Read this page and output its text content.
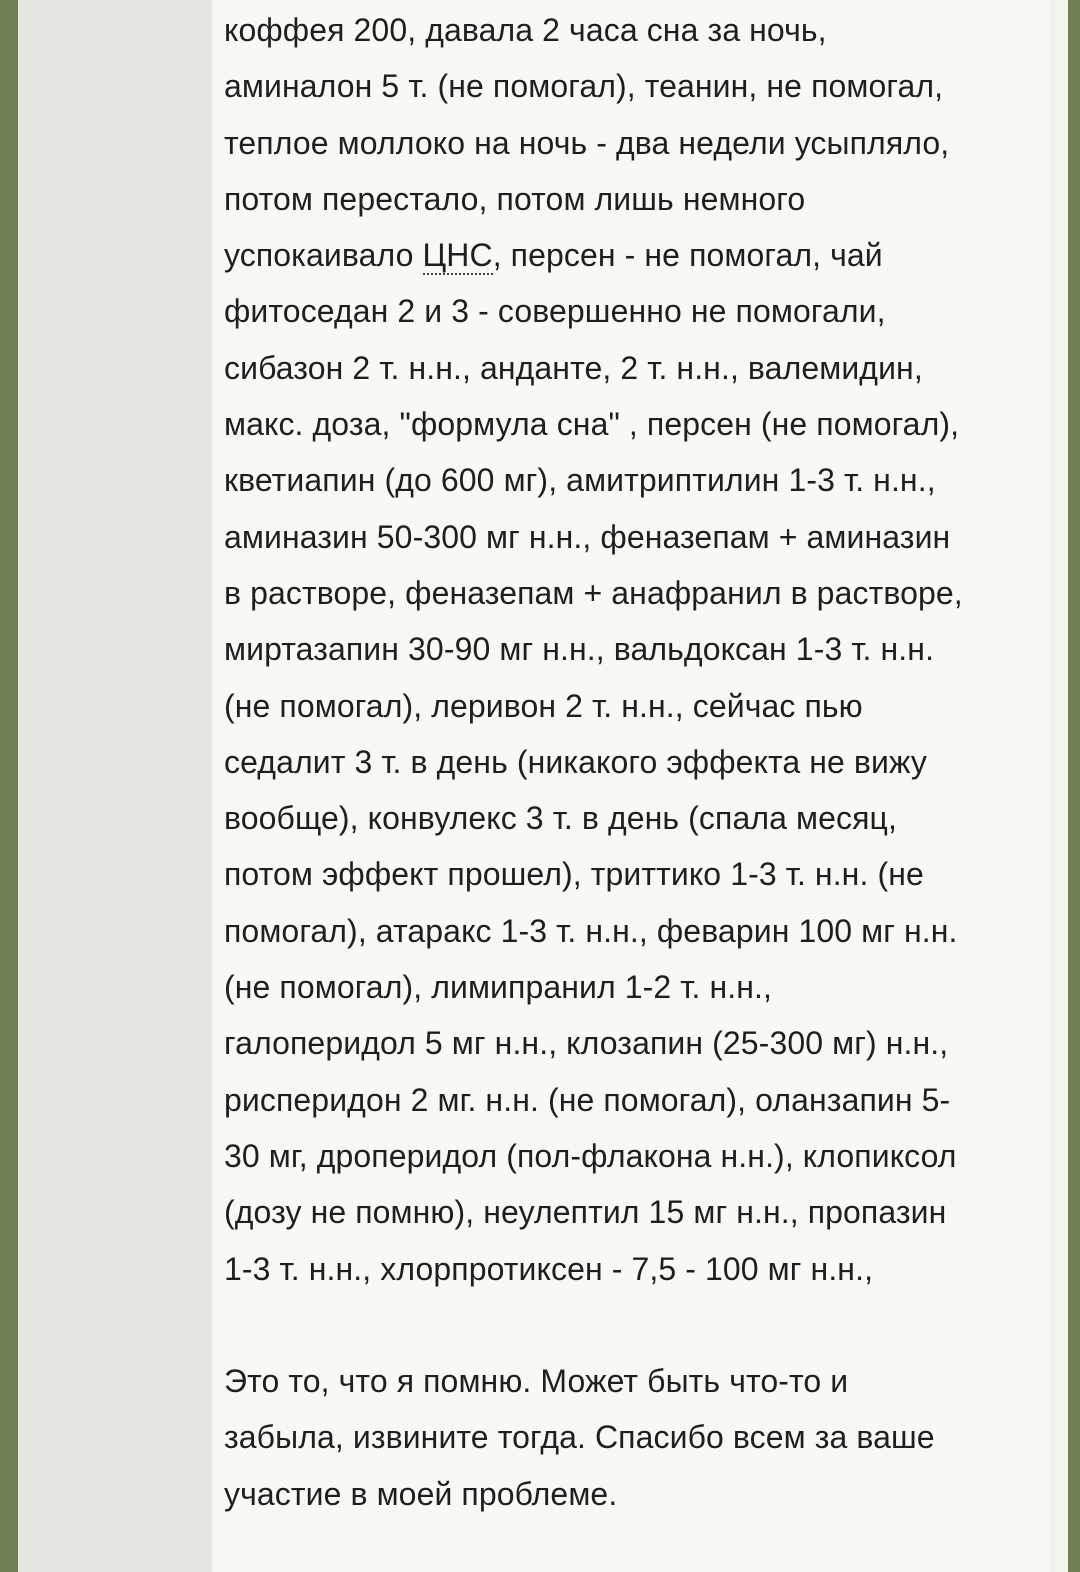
коффея 200, давала 2 часа сна за ночь,
аминалон 5 т. (не помогал), теанин, не помогал,
теплое моллоко на ночь - два недели усыпляло,
потом перестало, потом лишь немного
успокаивало ЦНС, персен - не помогал, чай
фитоседан 2 и 3 - совершенно не помогали,
сибазон 2 т. н.н., анданте, 2 т. н.н., валемидин,
макс. доза, "формула сна" , персен (не помогал),
кветиапин (до 600 мг), амитриптилин 1-3 т. н.н.,
аминазин 50-300 мг н.н., феназепам + аминазин
в растворе, феназепам + анафранил в растворе,
миртазапин 30-90 мг н.н., вальдоксан 1-3 т. н.н.
(не помогал), леривон 2 т. н.н., сейчас пью
седалит 3 т. в день (никакого эффекта не вижу
вообще), конвулекс 3 т. в день (спала месяц,
потом эффект прошел), триттико 1-3 т. н.н. (не
помогал), атаракс 1-3 т. н.н., феварин 100 мг н.н.
(не помогал), лимипранил 1-2 т. н.н.,
галоперидол 5 мг н.н., клозапин (25-300 мг) н.н.,
рисперидон 2 мг. н.н. (не помогал), оланзапин 5-
30 мг, дроперидол (пол-флакона н.н.), клопиксол
(дозу не помню), неулептил 15 мг н.н., пропазин
1-3 т. н.н., хлорпротиксен - 7,5 - 100 мг н.н.,
Это то, что я помню. Может быть что-то и
забыла, извините тогда. Спасибо всем за ваше
участие в моей проблеме.
